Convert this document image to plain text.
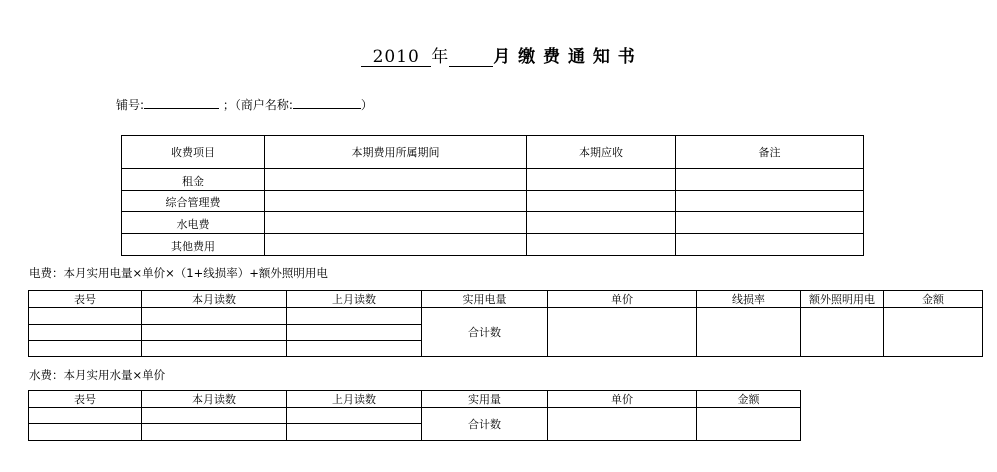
2010 年	月 缴 费 通 知 书
铺号:	；（商户名称:	）
收费项目	本期费用所属期间	本期应收	备注
租金			
综合管理费			
水电费			
其他费用			
电费：本月实用电量×单价×（1+线损率）+额外照明用电
表号	本月读数	上月读数	实用电量	单价	线损率	额外照明用电	金额
			合计数				

水费：本月实用水量×单价
表号	本月读数	上月读数	实用量	单价	金额
			合计数		
